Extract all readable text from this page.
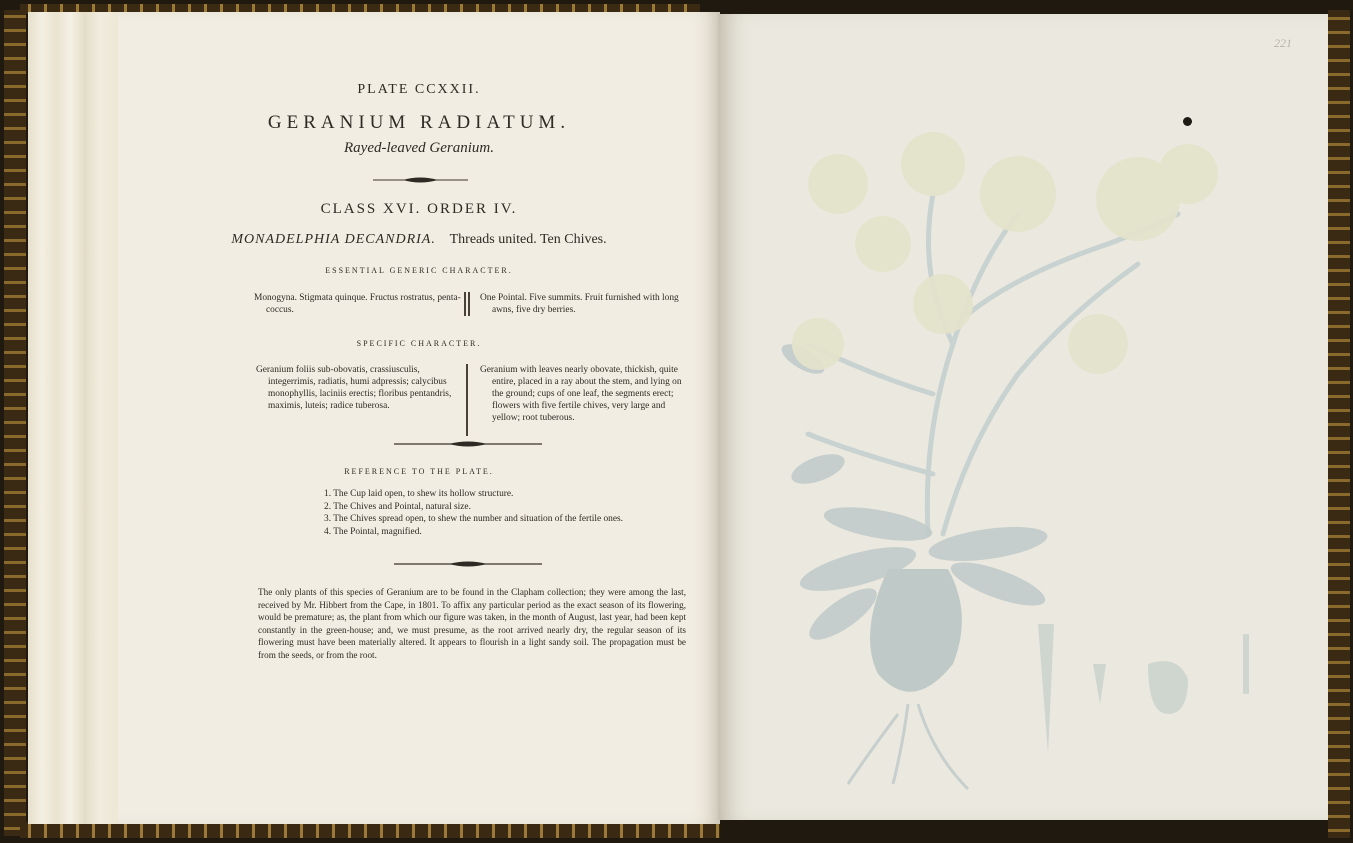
PLATE CCXXII.
GERANIUM RADIATUM.
Rayed-leaved Geranium.
CLASS XVI. ORDER IV.
MONADELPHIA DECANDRIA. Threads united. Ten Chives.
ESSENTIAL GENERIC CHARACTER.

Monogyna. Stigmata quinque. Fructus rostratus, penta-coccus.

One Pointal. Five summits. Fruit furnished with long awns, five dry berries.

SPECIFIC CHARACTER.

Geranium foliis sub-obovatis, crassiusculis, integerrimis, radiatis, humi adpressis; calycibus monophyllis, laciniis erectis; floribus pentandris, maximis, luteis; radice tuberosa.

Geranium with leaves nearly obovate, thickish, quite entire, placed in a ray about the stem, and lying on the ground; cups of one leaf, the segments erect; flowers with five fertile chives, very large and yellow; root tuberous.

REFERENCE TO THE PLATE.
1. The Cup laid open, to shew its hollow structure.
2. The Chives and Pointal, natural size.
3. The Chives spread open, to shew the number and situation of the fertile ones.
4. The Pointal, magnified.
The only plants of this species of Geranium are to be found in the Clapham collection; they were among the last, received by Mr. Hibbert from the Cape, in 1801. To affix any particular period as the exact season of its flowering, would be premature; as, the plant from which our figure was taken, in the month of August, last year, had been kept constantly in the green-house; and, we must presume, as the root arrived nearly dry, the regular season of its flowering must have been materially altered. It appears to flourish in a light sandy soil. The propagation must be from the seeds, or from the root.
221
